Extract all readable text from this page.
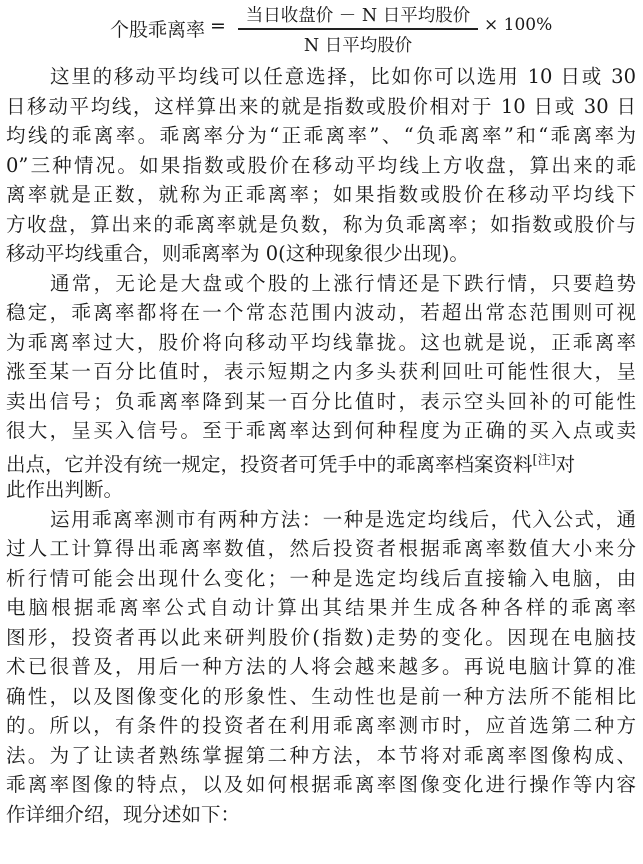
个股乖离率 =	当日收盘价 － N 日平均股价
N 日平均股价
× 100%
这里的移动平均线可以任意选择，比如你可以选用 10 日或 30
日移动平均线，这样算出来的就是指数或股价相对于 10 日或 30 日
均线的乖离率。乖离率分为“正乖离率”、“负乖离率”和“乖离率为
0”三种情况。如果指数或股价在移动平均线上方收盘，算出来的乖
离率就是正数，就称为正乖离率；如果指数或股价在移动平均线下
方收盘，算出来的乖离率就是负数，称为负乖离率；如指数或股价与
移动平均线重合，则乖离率为 0(这种现象很少出现)。
通常，无论是大盘或个股的上涨行情还是下跌行情，只要趋势
稳定，乖离率都将在一个常态范围内波动，若超出常态范围则可视
为乖离率过大，股价将向移动平均线靠拢。这也就是说，正乖离率
涨至某一百分比值时，表示短期之内多头获利回吐可能性很大，呈
卖出信号；负乖离率降到某一百分比值时，表示空头回补的可能性
很大，呈买入信号。至于乖离率达到何种程度为正确的买入点或卖
出点，它并没有统一规定，投资者可凭手中的乖离率档案资料[注]对
此作出判断。
运用乖离率测市有两种方法：一种是选定均线后，代入公式，通
过人工计算得出乖离率数值，然后投资者根据乖离率数值大小来分
析行情可能会出现什么变化；一种是选定均线后直接输入电脑，由
电脑根据乖离率公式自动计算出其结果并生成各种各样的乖离率
图形，投资者再以此来研判股价(指数)走势的变化。因现在电脑技
术已很普及，用后一种方法的人将会越来越多。再说电脑计算的准
确性，以及图像变化的形象性、生动性也是前一种方法所不能相比
的。所以，有条件的投资者在利用乖离率测市时，应首选第二种方
法。为了让读者熟练掌握第二种方法，本节将对乖离率图像构成、
乖离率图像的特点，以及如何根据乖离率图像变化进行操作等内容
作详细介绍，现分述如下：
